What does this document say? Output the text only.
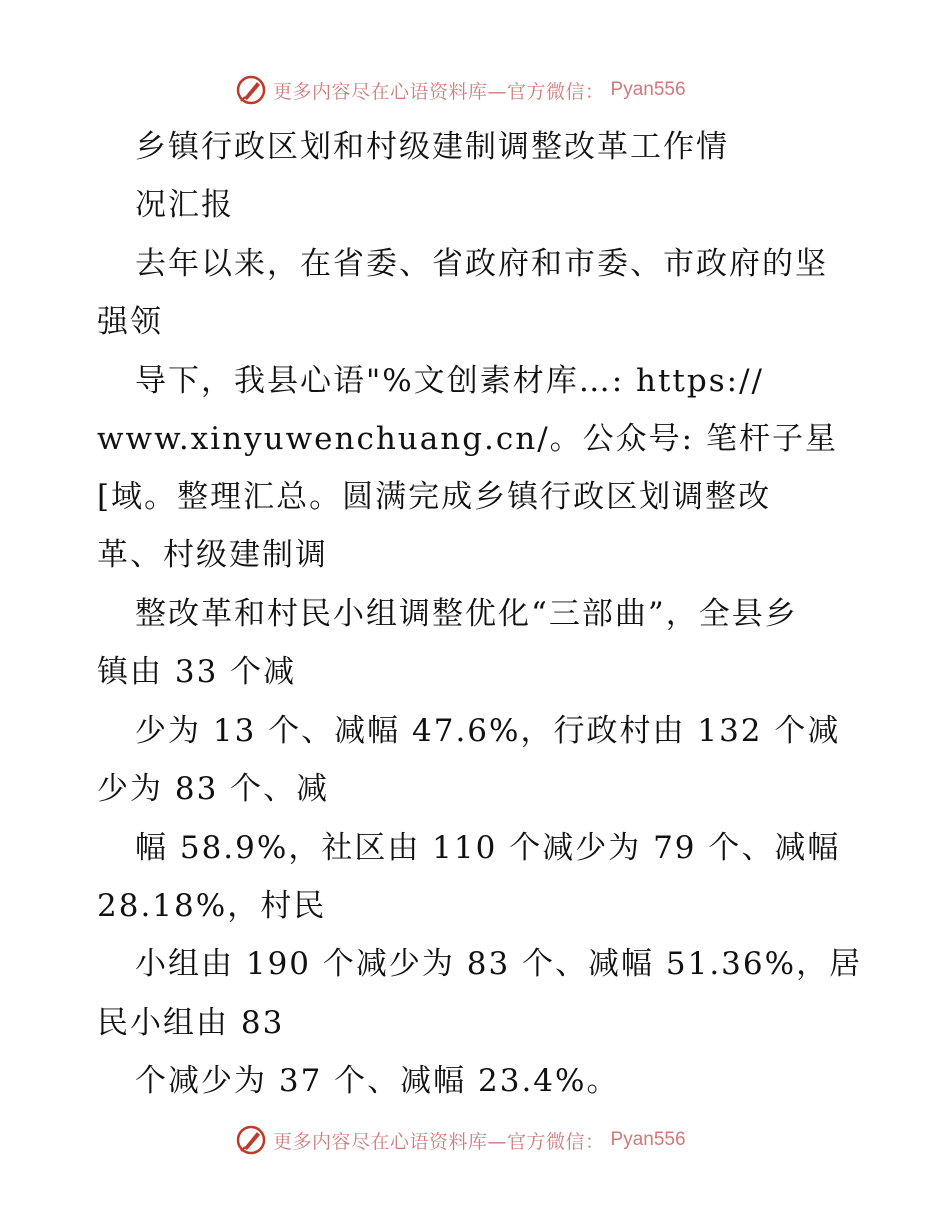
更多内容尽在心语资料库—官方微信： Pyan556
乡镇行政区划和村级建制调整改革工作情
况汇报
去年以来，在省委、省政府和市委、市政府的坚
强领
导下，我县心语"%文创素材库…: https://
www.xinyuwenchuang.cn/。公众号: 笔杆子星
[域。整理汇总。圆满完成乡镇行政区划调整改
革、村级建制调
整改革和村民小组调整优化“三部曲”，全县乡
镇由 33 个减
少为 13 个、减幅 47.6%，行政村由 132 个减
少为 83 个、减
幅 58.9%，社区由 110 个减少为 79 个、减幅
28.18%，村民
小组由 190 个减少为 83 个、减幅 51.36%，居
民小组由 83
个减少为 37 个、减幅 23.4%。
更多内容尽在心语资料库—官方微信： Pyan556
